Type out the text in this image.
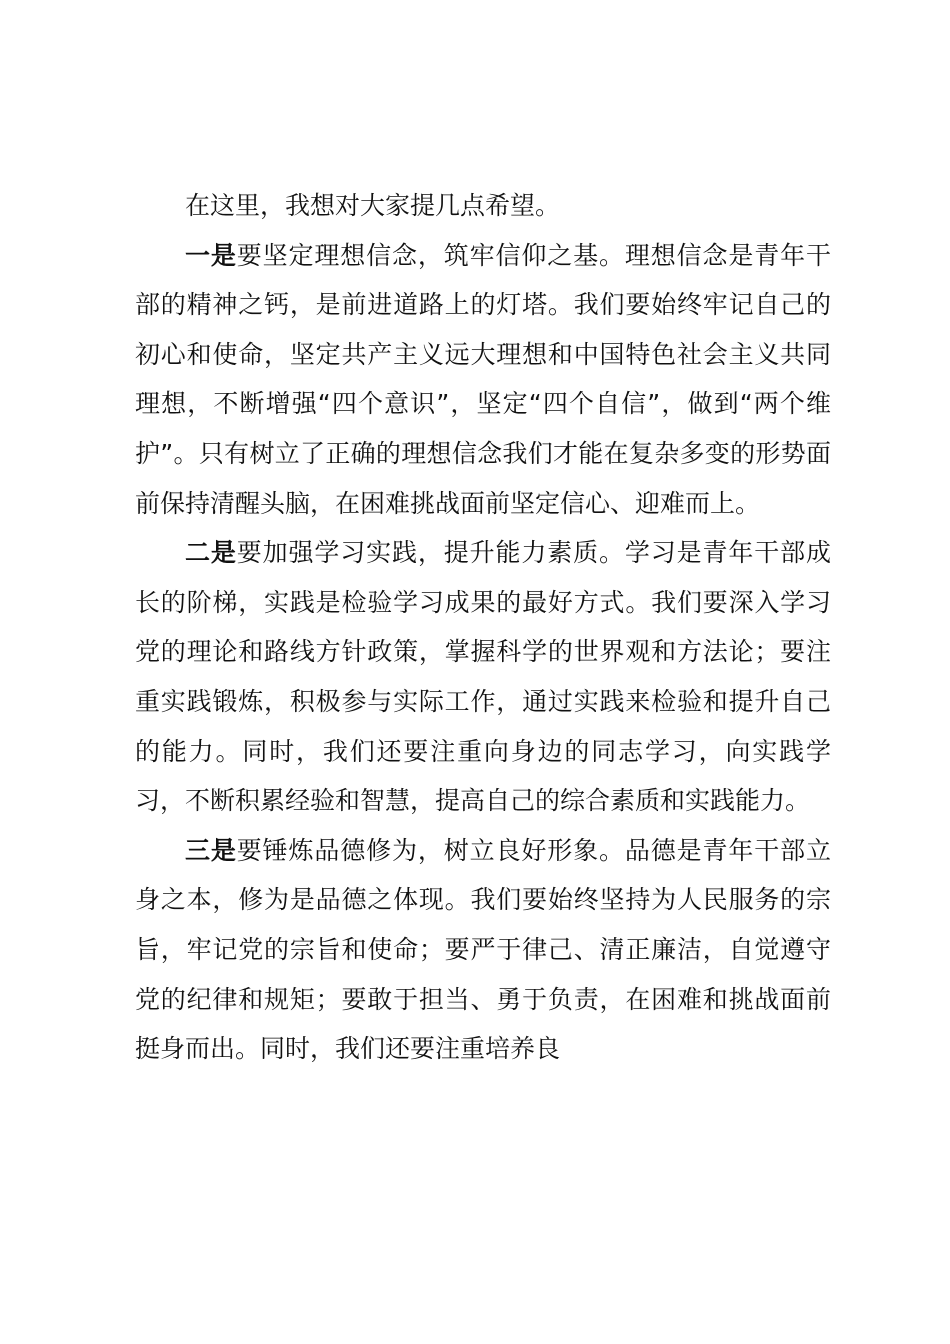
在这里，我想对大家提几点希望。

一是要坚定理想信念，筑牢信仰之基。理想信念是青年干部的精神之钙，是前进道路上的灯塔。我们要始终牢记自己的初心和使命，坚定共产主义远大理想和中国特色社会主义共同理想，不断增强“四个意识”，坚定“四个自信”，做到“两个维护”。只有树立了正确的理想信念我们才能在复杂多变的形势面前保持清醒头脑，在困难挑战面前坚定信心、迎难而上。

二是要加强学习实践，提升能力素质。学习是青年干部成长的阶梯，实践是检验学习成果的最好方式。我们要深入学习党的理论和路线方针政策，掌握科学的世界观和方法论；要注重实践锻炼，积极参与实际工作，通过实践来检验和提升自己的能力。同时，我们还要注重向身边的同志学习，向实践学习，不断积累经验和智慧，提高自己的综合素质和实践能力。

三是要锤炼品德修为，树立良好形象。品德是青年干部立身之本，修为是品德之体现。我们要始终坚持为人民服务的宗旨，牢记党的宗旨和使命；要严于律己、清正廉洁，自觉遵守党的纪律和规矩；要敢于担当、勇于负责，在困难和挑战面前挺身而出。同时，我们还要注重培养良
